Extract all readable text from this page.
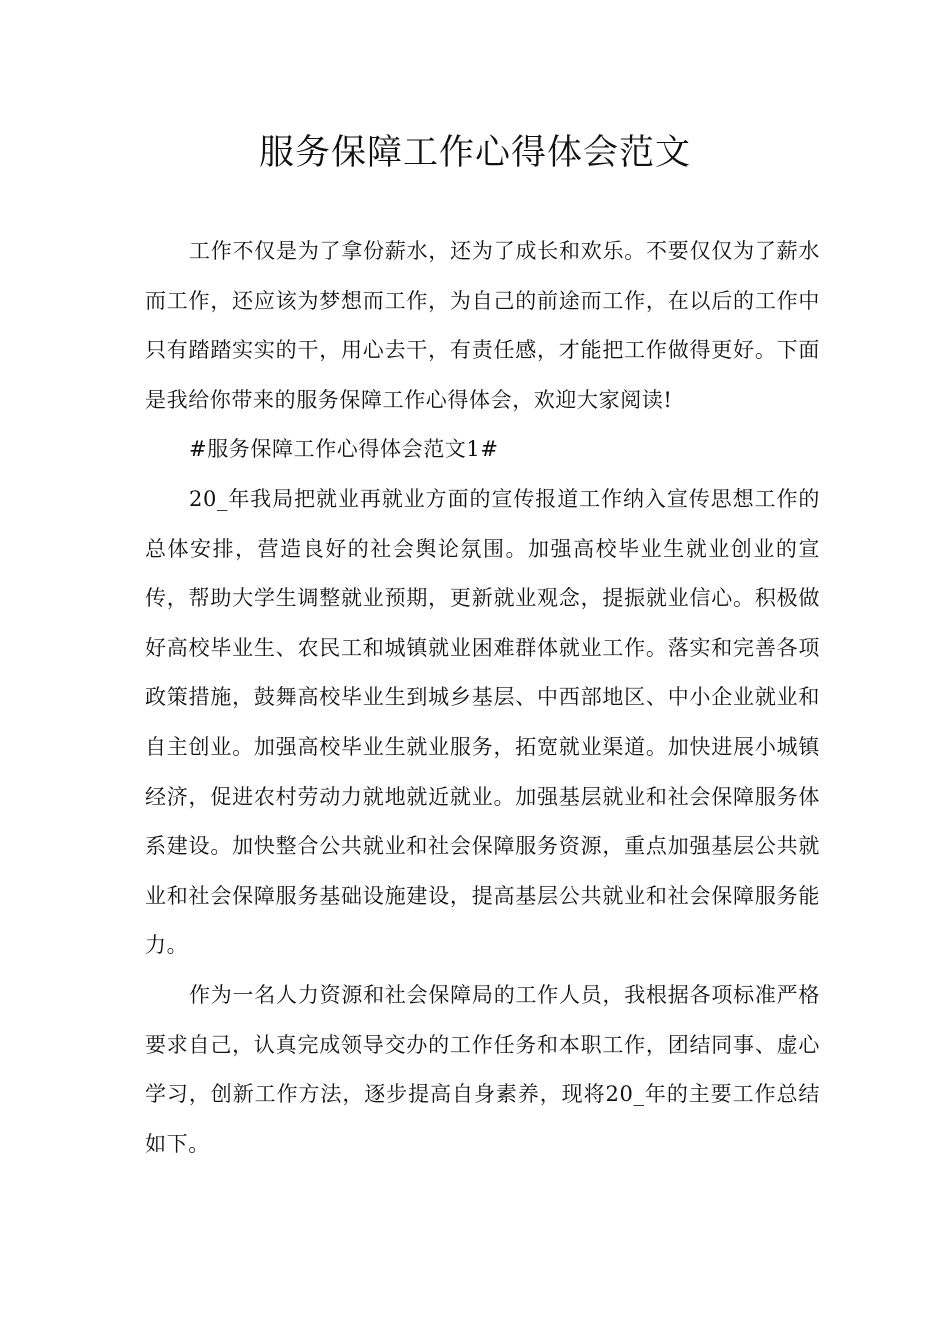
服务保障工作心得体会范文

工作不仅是为了拿份薪水，还为了成长和欢乐。不要仅仅为了薪水而工作，还应该为梦想而工作，为自己的前途而工作，在以后的工作中只有踏踏实实的干，用心去干，有责任感，才能把工作做得更好。下面是我给你带来的服务保障工作心得体会，欢迎大家阅读!

#服务保障工作心得体会范文1#

20_年我局把就业再就业方面的宣传报道工作纳入宣传思想工作的总体安排，营造良好的社会舆论氛围。加强高校毕业生就业创业的宣传，帮助大学生调整就业预期，更新就业观念，提振就业信心。积极做好高校毕业生、农民工和城镇就业困难群体就业工作。落实和完善各项政策措施，鼓舞高校毕业生到城乡基层、中西部地区、中小企业就业和自主创业。加强高校毕业生就业服务，拓宽就业渠道。加快进展小城镇经济，促进农村劳动力就地就近就业。加强基层就业和社会保障服务体系建设。加快整合公共就业和社会保障服务资源，重点加强基层公共就业和社会保障服务基础设施建设，提高基层公共就业和社会保障服务能力。

作为一名人力资源和社会保障局的工作人员，我根据各项标准严格要求自己，认真完成领导交办的工作任务和本职工作，团结同事、虚心学习，创新工作方法，逐步提高自身素养，现将20_年的主要工作总结如下。
